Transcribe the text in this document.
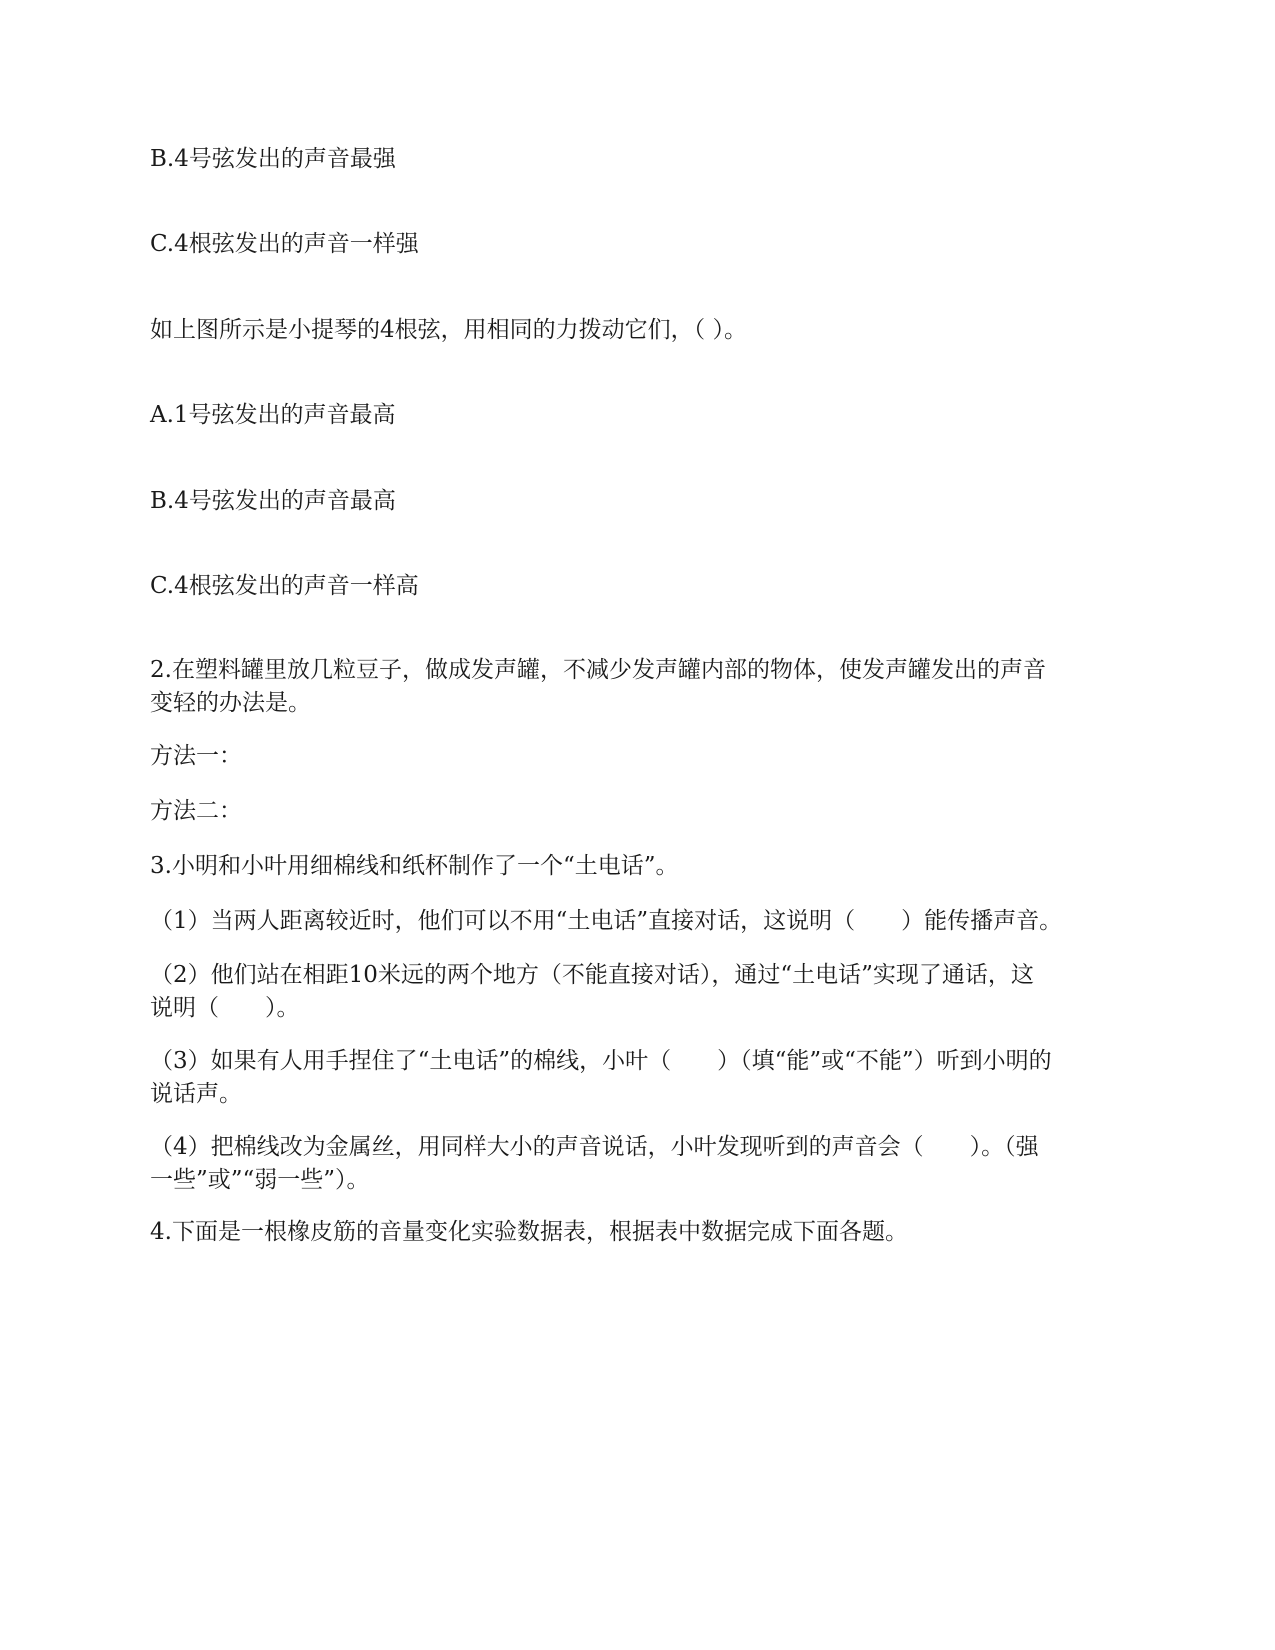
B.4号弦发出的声音最强
C.4根弦发出的声音一样强
如上图所示是小提琴的4根弦，用相同的力拨动它们，（ ）。
A.1号弦发出的声音最高
B.4号弦发出的声音最高
C.4根弦发出的声音一样高
2.在塑料罐里放几粒豆子，做成发声罐，不减少发声罐内部的物体，使发声罐发出的声音
变轻的办法是。
方法一：
方法二：
3.小明和小叶用细棉线和纸杯制作了一个“土电话”。
（1）当两人距离较近时，他们可以不用“土电话”直接对话，这说明（　　）能传播声音。
（2）他们站在相距10米远的两个地方（不能直接对话），通过“土电话”实现了通话，这
说明（　　）。
（3）如果有人用手捏住了“土电话”的棉线，小叶（　　）（填“能”或“不能”）听到小明的
说话声。
（4）把棉线改为金属丝，用同样大小的声音说话，小叶发现听到的声音会（　　）。（强
一些”或”“弱一些”）。
4.下面是一根橡皮筋的音量变化实验数据表，根据表中数据完成下面各题。
